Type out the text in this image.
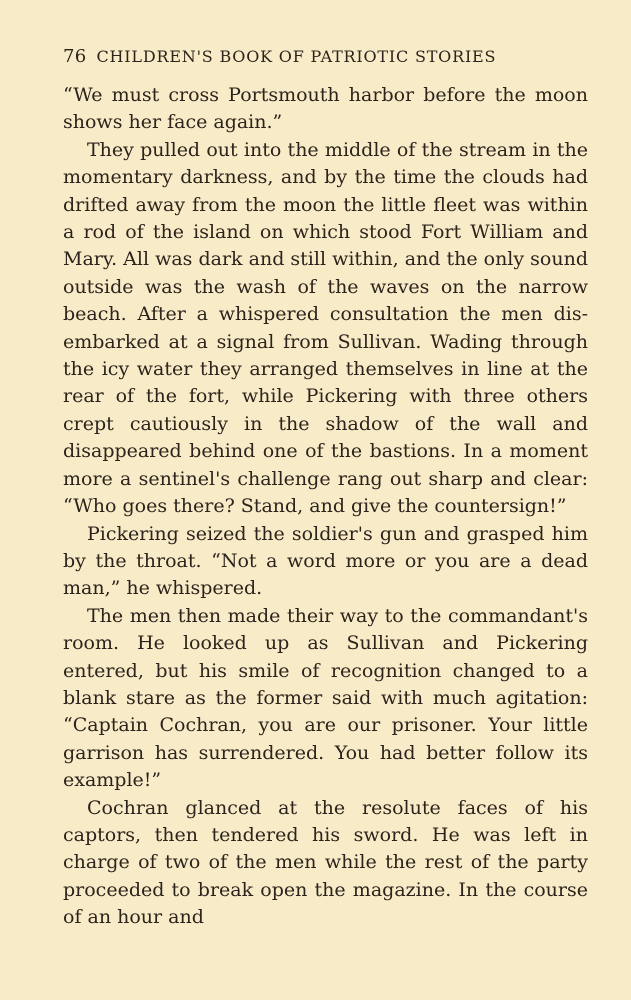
76 CHILDREN'S BOOK OF PATRIOTIC STORIES

“We must cross Portsmouth harbor before the moon shows her face again.”

They pulled out into the middle of the stream in the momentary darkness, and by the time the clouds had drifted away from the moon the little fleet was within a rod of the island on which stood Fort William and Mary. All was dark and still within, and the only sound outside was the wash of the waves on the narrow beach. After a whispered consultation the men disembarked at a signal from Sullivan. Wading through the icy water they arranged themselves in line at the rear of the fort, while Pickering with three others crept cautiously in the shadow of the wall and disappeared behind one of the bastions. In a moment more a sentinel's challenge rang out sharp and clear: “Who goes there? Stand, and give the countersign!”

Pickering seized the soldier's gun and grasped him by the throat. “Not a word more or you are a dead man,” he whispered.

The men then made their way to the commandant's room. He looked up as Sullivan and Pickering entered, but his smile of recognition changed to a blank stare as the former said with much agitation: “Captain Cochran, you are our prisoner. Your little garrison has surrendered. You had better follow its example!”

Cochran glanced at the resolute faces of his captors, then tendered his sword. He was left in charge of two of the men while the rest of the party proceeded to break open the magazine. In the course of an hour and
